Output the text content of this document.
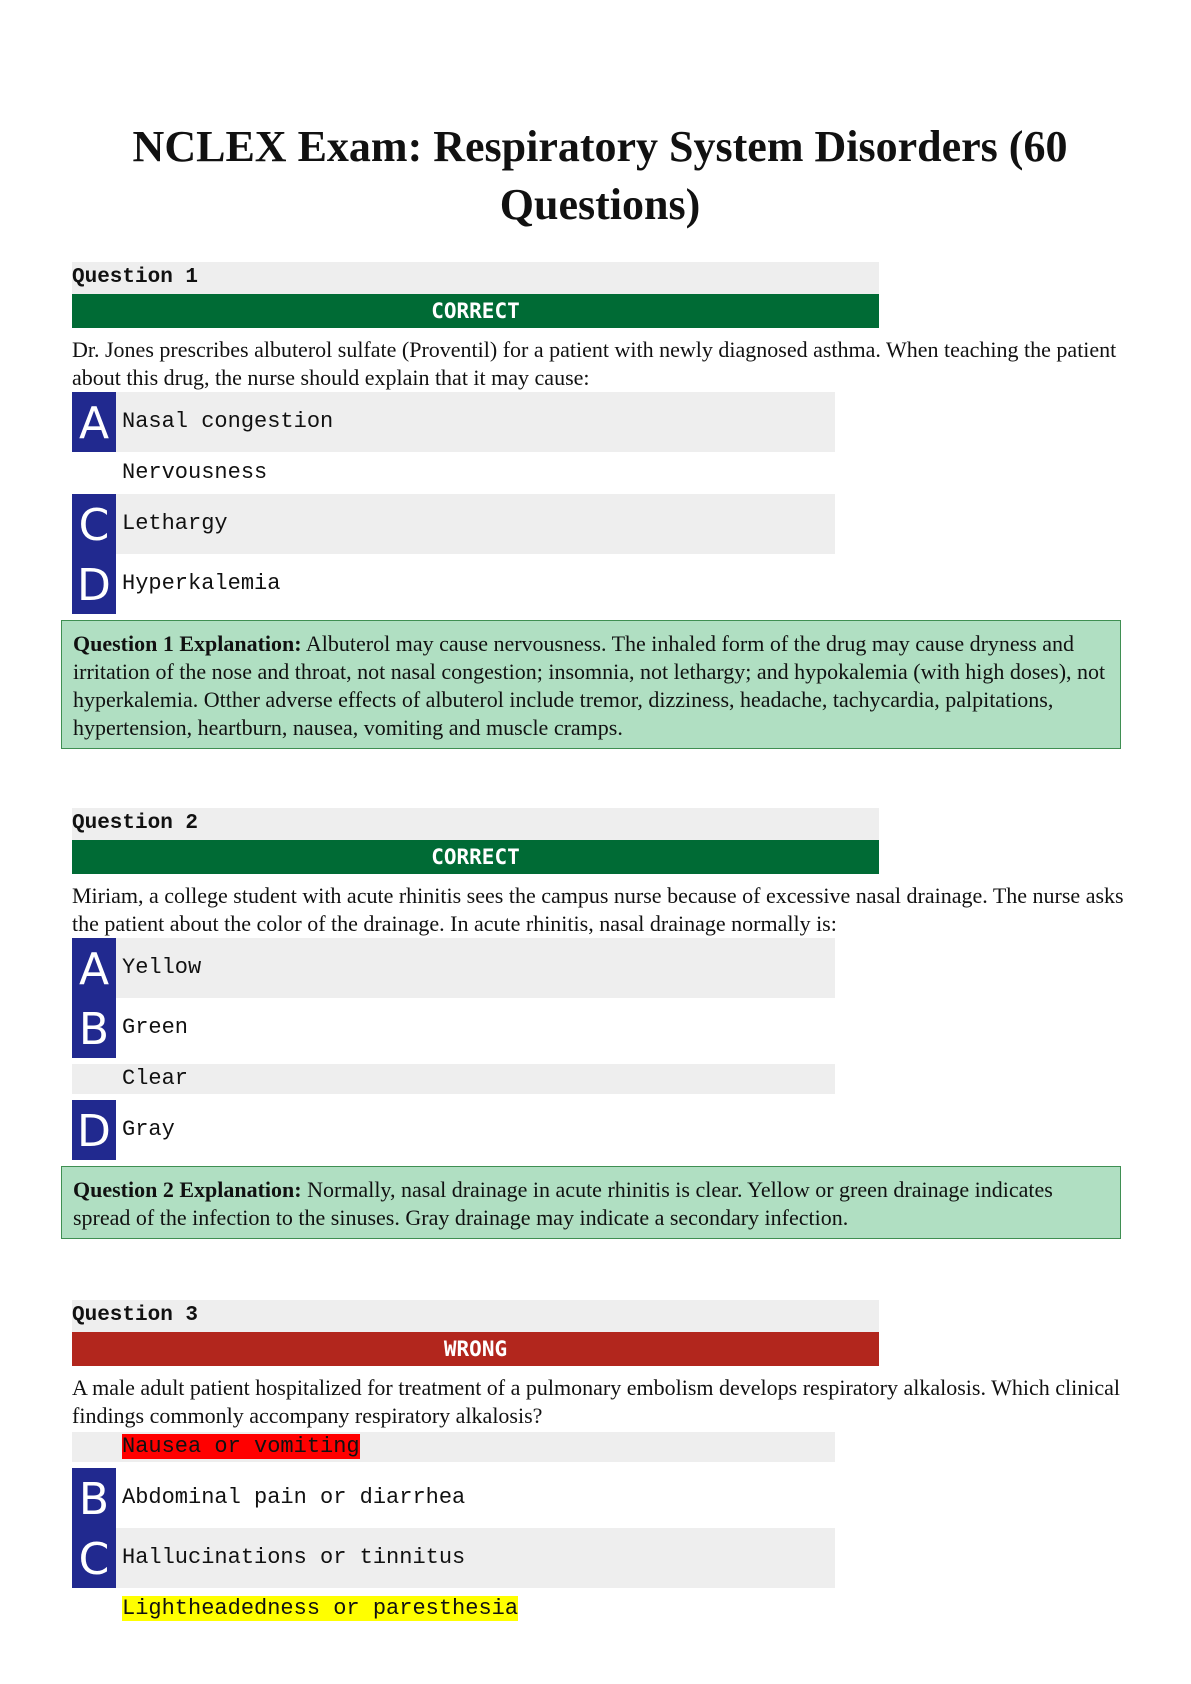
NCLEX Exam: Respiratory System Disorders (60 Questions)
Question 1
CORRECT
Dr. Jones prescribes albuterol sulfate (Proventil) for a patient with newly diagnosed asthma. When teaching the patient about this drug, the nurse should explain that it may cause:
A Nasal congestion
Nervousness
C Lethargy
D Hyperkalemia
Question 1 Explanation: Albuterol may cause nervousness. The inhaled form of the drug may cause dryness and irritation of the nose and throat, not nasal congestion; insomnia, not lethargy; and hypokalemia (with high doses), not hyperkalemia. Otther adverse effects of albuterol include tremor, dizziness, headache, tachycardia, palpitations, hypertension, heartburn, nausea, vomiting and muscle cramps.
Question 2
CORRECT
Miriam, a college student with acute rhinitis sees the campus nurse because of excessive nasal drainage. The nurse asks the patient about the color of the drainage. In acute rhinitis, nasal drainage normally is:
A Yellow
B Green
Clear
D Gray
Question 2 Explanation: Normally, nasal drainage in acute rhinitis is clear. Yellow or green drainage indicates spread of the infection to the sinuses. Gray drainage may indicate a secondary infection.
Question 3
WRONG
A male adult patient hospitalized for treatment of a pulmonary embolism develops respiratory alkalosis. Which clinical findings commonly accompany respiratory alkalosis?
Nausea or vomiting
B Abdominal pain or diarrhea
C Hallucinations or tinnitus
Lightheadedness or paresthesia
